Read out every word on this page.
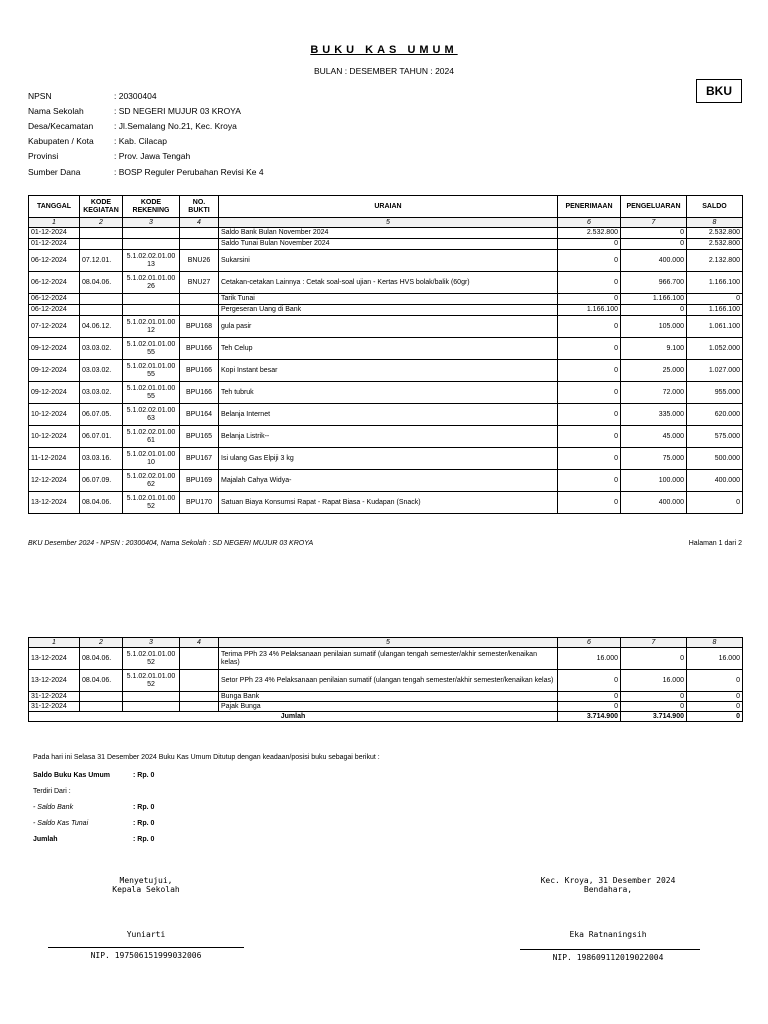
BUKU KAS UMUM
BULAN : DESEMBER TAHUN : 2024
BKU
NPSN	: 20300404
Nama Sekolah	: SD NEGERI MUJUR 03 KROYA
Desa/Kecamatan : Jl.Semalang No.21, Kec. Kroya
Kabupaten / Kota : Kab. Cilacap
Provinsi	: Prov. Jawa Tengah
Sumber Dana	: BOSP Reguler Perubahan Revisi Ke 4
TANGGAL	KODE KEGIATAN	KODE REKENING	NO. BUKTI	URAIAN	PENERIMAAN	PENGELUARAN	SALDO
1	2	3	4	5	6	7	8
01-12-2024				Saldo Bank Bulan November 2024	2.532.800	0	2.532.800
01-12-2024				Saldo Tunai Bulan November 2024	0	0	2.532.800
06-12-2024	07.12.01.	5.1.02.02.01.00 13	BNU26	Sukarsini	0	400.000	2.132.800
06-12-2024	08.04.06.	5.1.02.01.01.00 26	BNU27	Cetakan-cetakan Lainnya : Cetak soal-soal ujian - Kertas HVS bolak/balik (60gr)	0	966.700	1.166.100
06-12-2024				Tarik Tunai	0	1.166.100	0
06-12-2024				Pergeseran Uang di Bank	1.166.100	0	1.166.100
07-12-2024	04.06.12.	5.1.02.01.01.00 12	BPU168	gula pasir	0	105.000	1.061.100
09-12-2024	03.03.02.	5.1.02.01.01.00 55	BPU166	Teh Celup	0	9.100	1.052.000
09-12-2024	03.03.02.	5.1.02.01.01.00 55	BPU166	Kopi Instant besar	0	25.000	1.027.000
09-12-2024	03.03.02.	5.1.02.01.01.00 55	BPU166	Teh tubruk	0	72.000	955.000
10-12-2024	06.07.05.	5.1.02.02.01.00 63	BPU164	Belanja Internet	0	335.000	620.000
10-12-2024	06.07.01.	5.1.02.02.01.00 61	BPU165	Belanja Listrik--	0	45.000	575.000
11-12-2024	03.03.16.	5.1.02.01.01.00 10	BPU167	Isi ulang Gas Elpiji 3 kg	0	75.000	500.000
12-12-2024	06.07.09.	5.1.02.02.01.00 62	BPU169	Majalah Cahya Widya-	0	100.000	400.000
13-12-2024	08.04.06.	5.1.02.01.01.00 52	BPU170	Satuan Biaya Konsumsi Rapat - Rapat Biasa - Kudapan (Snack)	0	400.000	0
BKU Desember 2024 - NPSN : 20300404, Nama Sekolah : SD NEGERI MUJUR 03 KROYA	Halaman 1 dari 2
1	2	3	4	5	6	7	8
13-12-2024	08.04.06.	5.1.02.01.01.00 52		Terima PPh 23 4% Pelaksanaan penilaian sumatif (ulangan tengah semester/akhir semester/kenaikan kelas)	16.000	0	16.000
13-12-2024	08.04.06.	5.1.02.01.01.00 52		Setor PPh 23 4% Pelaksanaan penilaian sumatif (ulangan tengah semester/akhir semester/kenaikan kelas)	0	16.000	0
31-12-2024				Bunga Bank	0	0	0
31-12-2024				Pajak Bunga	0	0	0
Jumlah					3.714.900	3.714.900	0
Pada hari ini Selasa 31 Desember 2024 Buku Kas Umum Ditutup dengan keadaan/posisi buku sebagai berikut :
Saldo Buku Kas Umum	: Rp. 0
Terdiri Dari :
- Saldo Bank	: Rp. 0
- Saldo Kas Tunai	: Rp. 0
Jumlah	: Rp. 0
Menyetujui,
Kepala Sekolah
Yuniarti
NIP. 197506151999032006
Kec. Kroya, 31 Desember 2024
Bendahara,
Eka Ratnaningsih
NIP. 198609112019022004
